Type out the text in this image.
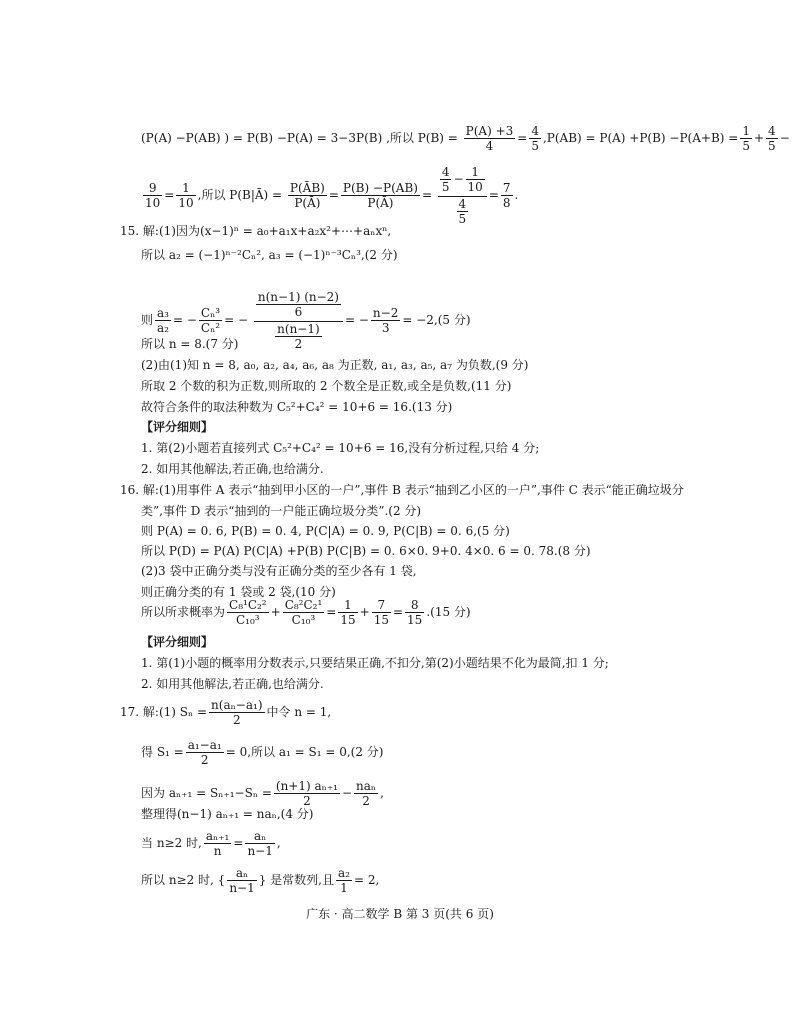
(P(A) −P(AB) ) = P(B) −P(A) = 3−3P(B) ,所以 $P(B) = \frac{P(A) +3}{4} = \frac{4}{5} ,P(AB) = P(A) +P(B) -P(A+B) = \frac{1}{5} + \frac{4}{5}$ −
$\frac{9}{10} = \frac{1}{10}$ ,所以 P(B|Ā) = $\frac{P(ĀB)}{P(Ā)} = \frac{P(B) -P(AB)}{P(Ā)} = \frac{\frac{4}{5} - \frac{1}{10}}{\frac{4}{5}} = \frac{7}{8}$ .
15. 解:(1)因为(x−1)ⁿ = a₀+a₁x+a₂x²+⋯+aₙxⁿ,
所以 a₂ = (−1)ⁿ⁻²Cₙ², a₃ = (−1)ⁿ⁻³Cₙ³,(2 分)
则 $\frac{\text{a₃}}{\text{a₂}}$ = − $\frac{\text{Cₙ³}}{\text{Cₙ²}}$ = − $\frac{\frac{n(n-1) (n-2)}{6}}{\frac{n(n-1)}{2}}$ = − $\frac{n-2}{3} = -2,(5$ 分)
所以 n = 8.(7 分)
(2)由(1)知 n = 8, a₀, a₂, a₄, a₆, a₈ 为正数, a₁, a₃, a₅, a₇ 为负数,(9 分)
所取 2 个数的积为正数,则所取的 2 个数全是正数,或全是负数,(11 分)
故符合条件的取法种数为 C₅²+C₄² = 10+6 = 16.(13 分)
【评分细则】
1. 第(2)小题若直接列式 C₅²+C₄² = 10+6 = 16,没有分析过程,只给 4 分;
2. 如用其他解法,若正确,也给满分.
16. 解:(1)用事件 A 表示“抽到甲小区的一户”,事件 B 表示“抽到乙小区的一户”,事件 C 表示“能正确垃圾分
类”,事件 D 表示“抽到的一户能正确垃圾分类”.(2 分)
则 P(A) = 0. 6, P(B) = 0. 4, P(C|A) = 0. 9, P(C|B) = 0. 6,(5 分)
所以 P(D) = P(A) P(C|A) +P(B) P(C|B) = 0. 6×0. 9+0. 4×0. 6 = 0. 78.(8 分)
(2)3 袋中正确分类与没有正确分类的至少各有 1 袋,
则正确分类的有 1 袋或 2 袋,(10 分)
所以所求概率为 $\frac{\text{C₈¹C₂²}}{\text{C₁₀³}} + \frac{\text{C₈²C₂¹}}{\text{C₁₀³}} = \frac{1}{15} + \frac{7}{15} = \frac{8}{15} .(15$ 分)
【评分细则】
1. 第(1)小题的概率用分数表示,只要结果正确,不扣分,第(2)小题结果不化为最简,扣 1 分;
2. 如用其他解法,若正确,也给满分.
17. 解:(1) $S_n = \frac{\text{n(aₙ−a₁)}}{2}$ 中令 n = 1,
得 $S_1 = \frac{\text{a₁−a₁}}{2} = 0$,所以 a₁ = S₁ = 0,(2 分)
因为 $a_{n+1} = S_{n+1}-S_n = \frac{\text{(n+1) aₙ₊₁}}{2} - \frac{\text{naₙ}}{2}$ ,
整理得(n−1) aₙ₊₁ = naₙ,(4 分)
当 n≥2 时, $\frac{\text{aₙ₊₁}}{n} = \frac{\text{aₙ}}{n-1}$ ,
所以 n≥2 时, { $\frac{\text{aₙ}}{n-1}$ } 是常数列,且 $\frac{\text{a₂}}{1} = 2$,
广东 · 高二数学 B 第 3 页(共 6 页)
